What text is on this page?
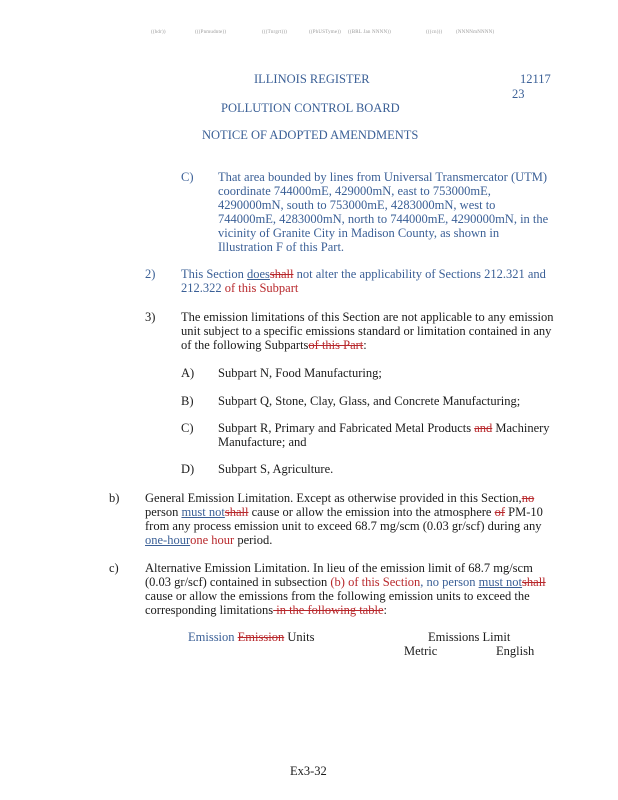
((hdr))	(((Pnmudnte))	(((Tnrgrt)))	((PhUSTyme)) ((BRL Jan NNNN))	(((cn)))	(NNNNmNNNN)
ILLINOIS REGISTER	12117
23
POLLUTION CONTROL BOARD
NOTICE OF ADOPTED AMENDMENTS
C) That area bounded by lines from Universal Transmercator (UTM)
coordinate 744000mE, 429000mN, east to 753000mE,
4290000mN, south to 753000mE, 4283000mN, west to
744000mE, 4283000mN, north to 744000mE, 4290000mN, in the
vicinity of Granite City in Madison County, as shown in
Illustration F of this Part.
2) This Section doesshall not alter the applicability of Sections 212.321 and
212.322 of this Subpart
3) The emission limitations of this Section are not applicable to any emission
unit subject to a specific emissions standard or limitation contained in any
of the following Subpartsof this Part:
A) Subpart N, Food Manufacturing;
B) Subpart Q, Stone, Clay, Glass, and Concrete Manufacturing;
C) Subpart R, Primary and Fabricated Metal Products and Machinery
Manufacture; and
D) Subpart S, Agriculture.
b) General Emission Limitation. Except as otherwise provided in this Section,no
person must notshall cause or allow the emission into the atmosphere of PM-10
from any process emission unit to exceed 68.7 mg/scm (0.03 gr/scf) during any
one-hourone hour period.
c) Alternative Emission Limitation. In lieu of the emission limit of 68.7 mg/scm
(0.03 gr/scf) contained in subsection (b) of this Section, no person must notshall
cause or allow the emissions from the following emission units to exceed the
corresponding limitations in the following table:
Emission Emission Units	Emissions Limit
Metric	English
Ex3-32
